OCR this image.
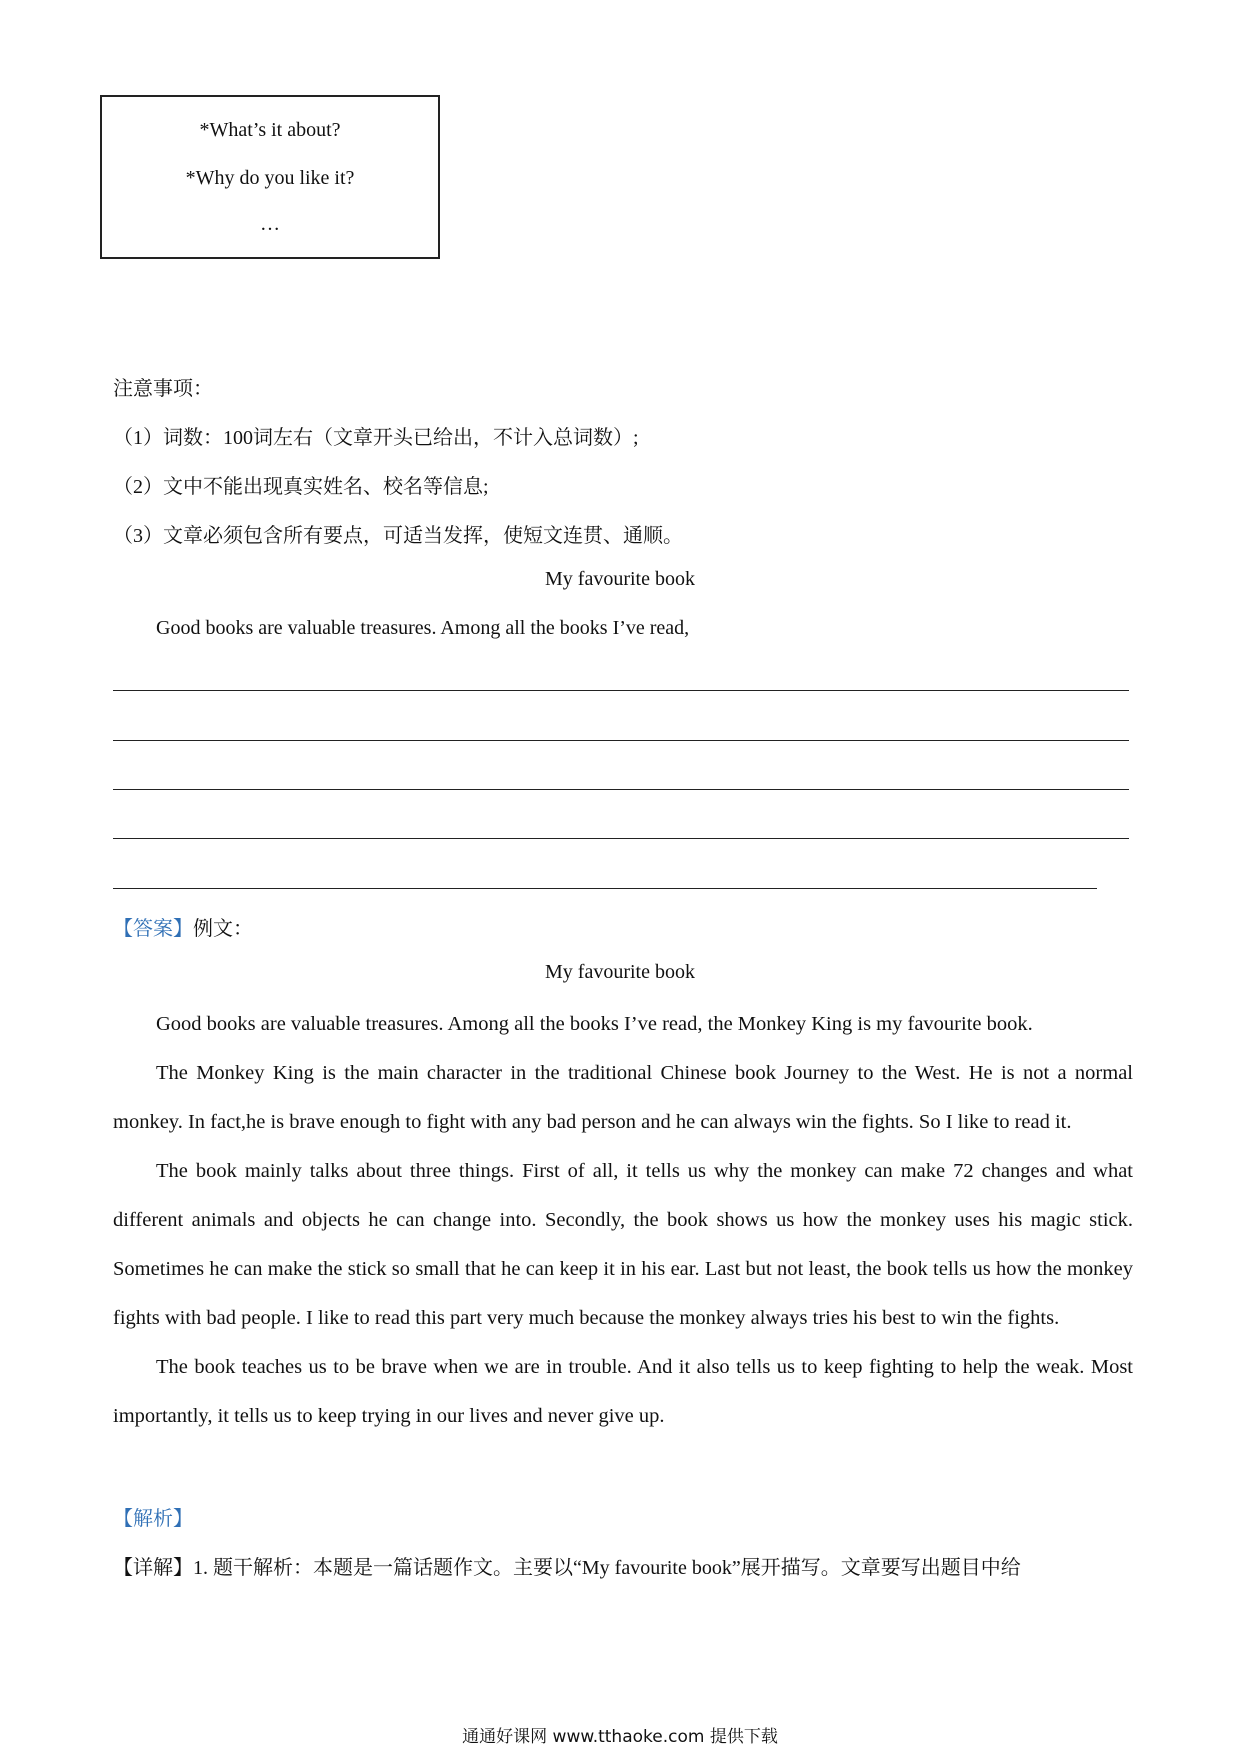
*What’s it about?
*Why do you like it?
…
注意事项：
（1）词数：100词左右（文章开头已给出，不计入总词数）;
（2）文中不能出现真实姓名、校名等信息;
（3）文章必须包含所有要点，可适当发挥，使短文连贯、通顺。
My favourite book
Good books are valuable treasures. Among all the books I’ve read,
【答案】例文：
My favourite book

Good books are valuable treasures. Among all the books I’ve read, the Monkey King is my favourite book.

The Monkey King is the main character in the traditional Chinese book Journey to the West. He is not a normal monkey. In fact,he is brave enough to fight with any bad person and he can always win the fights. So I like to read it.

The book mainly talks about three things. First of all, it tells us why the monkey can make 72 changes and what different animals and objects he can change into. Secondly, the book shows us how the monkey uses his magic stick. Sometimes he can make the stick so small that he can keep it in his ear. Last but not least, the book tells us how the monkey fights with bad people. I like to read this part very much because the monkey always tries his best to win the fights.

The book teaches us to be brave when we are in trouble. And it also tells us to keep fighting to help the weak. Most importantly, it tells us to keep trying in our lives and never give up.

【解析】
【详解】1. 题干解析：本题是一篇话题作文。主要以“My favourite book”展开描写。文章要写出题目中给
通通好课网 www.tthaoke.com 提供下载
